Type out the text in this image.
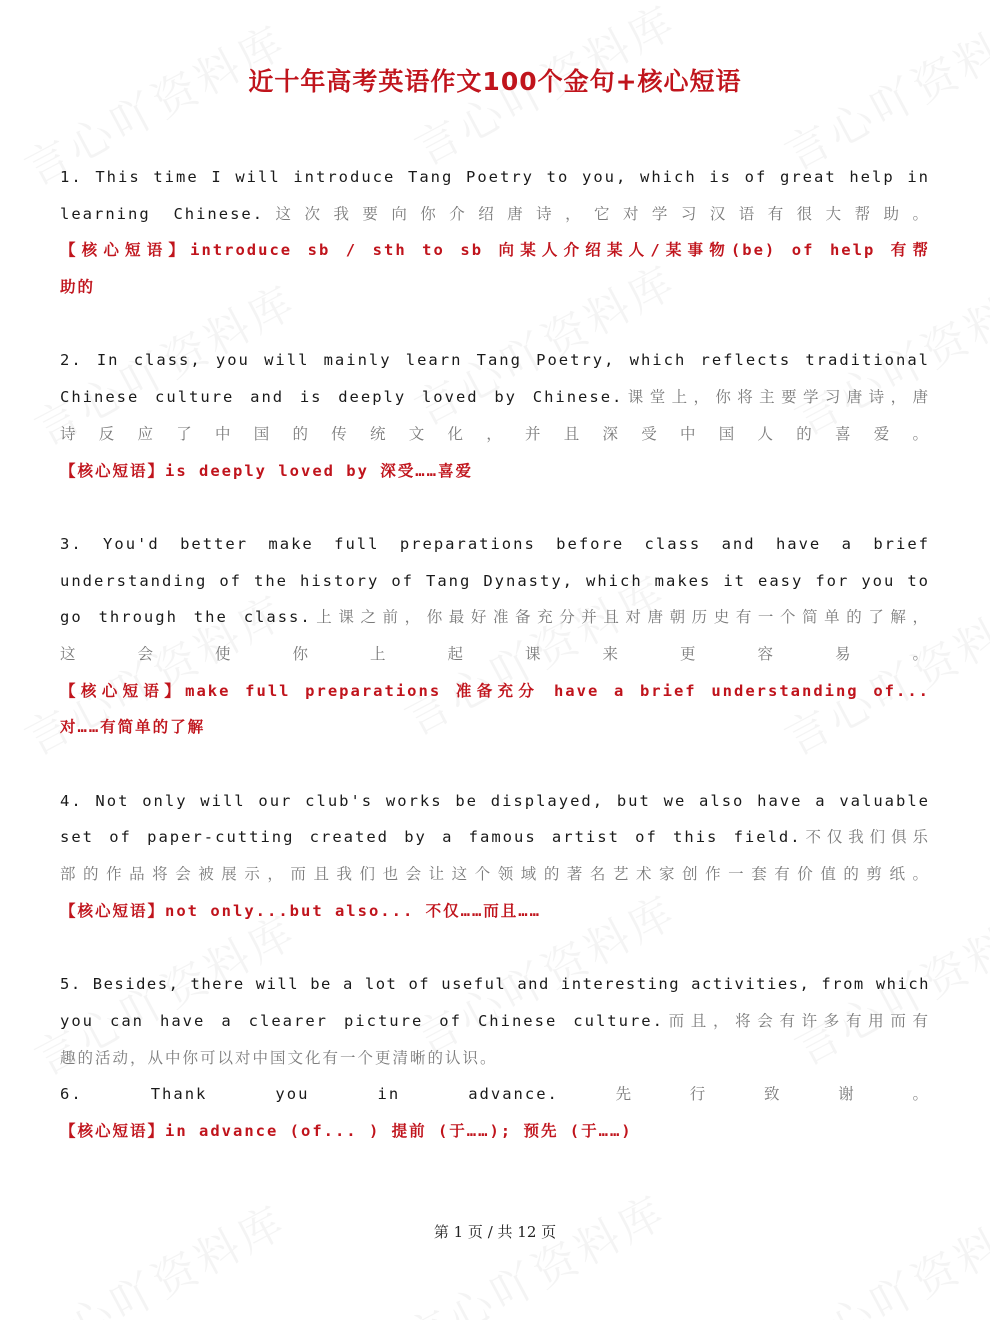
近十年高考英语作文100个金句+核心短语
1. This time I will introduce Tang Poetry to you, which is of great help in
learning Chinese.这次我要向你介绍唐诗，它对学习汉语有很大帮助。
【核心短语】introduce sb / sth to sb 向某人介绍某人/某事物(be) of help 有帮
助的
2. In class, you will mainly learn Tang Poetry, which reflects traditional
Chinese culture and is deeply loved by Chinese.课堂上，你将主要学习唐诗，唐
诗反应了中国的传统文化，并且深受中国人的喜爱。
【核心短语】is deeply loved by 深受……喜爱
3. You'd better make full preparations before class and have a brief
understanding of the history of Tang Dynasty, which makes it easy for you to
go through the class.上课之前，你最好准备充分并且对唐朝历史有一个简单的了解，
这会使你上起课来更容易。
【核心短语】make full preparations 准备充分 have a brief understanding of...
对……有简单的了解
4. Not only will our club's works be displayed, but we also have a valuable
set of paper-cutting created by a famous artist of this field.不仅我们俱乐
部的作品将会被展示，而且我们也会让这个领域的著名艺术家创作一套有价值的剪纸。
【核心短语】not only...but also... 不仅……而且……
5. Besides, there will be a lot of useful and interesting activities, from which
you can have a clearer picture of Chinese culture.而且，将会有许多有用而有
趣的活动，从中你可以对中国文化有一个更清晰的认识。
6. Thank you in advance.先行致谢。
【核心短语】in advance (of... ) 提前 (于……); 预先 (于……)
第 1 页 / 共 12 页
